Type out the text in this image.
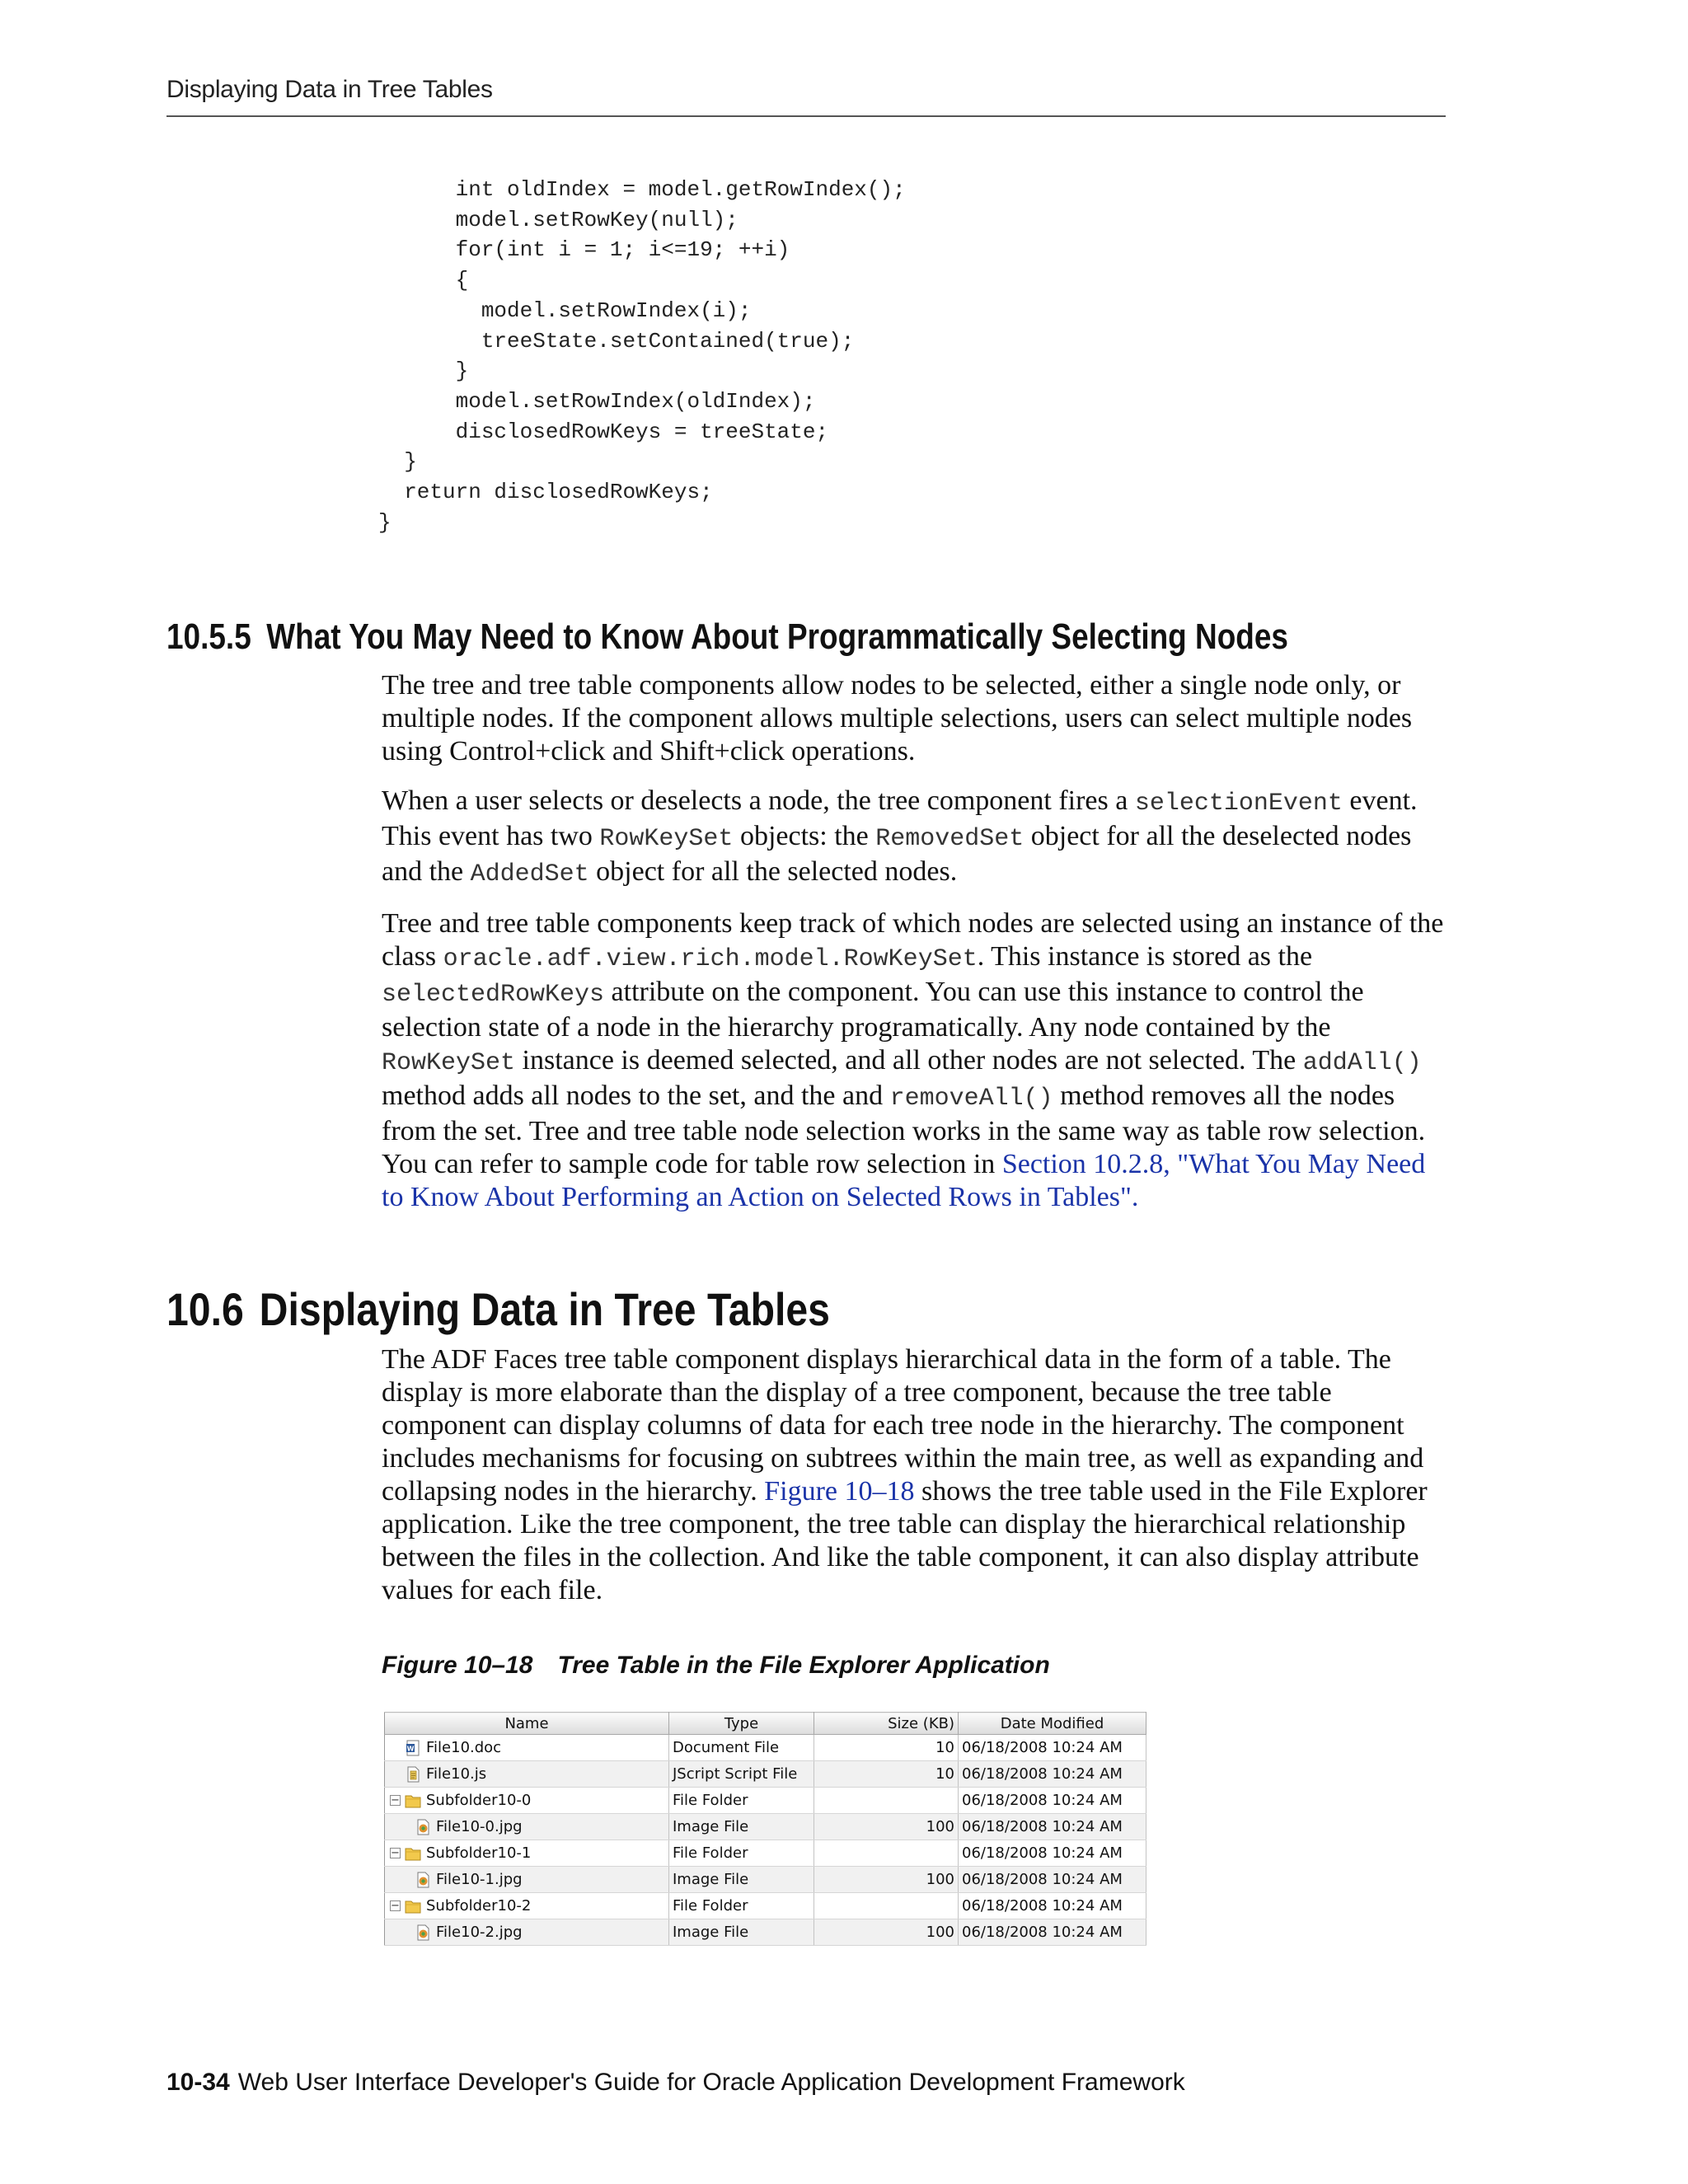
Displaying Data in Tree Tables
int oldIndex = model.getRowIndex();
model.setRowKey(null);
for(int i = 1; i<=19; ++i)
{
model.setRowIndex(i);
treeState.setContained(true);
}
model.setRowIndex(oldIndex);
disclosedRowKeys = treeState;
}
return disclosedRowKeys;
}
10.5.5 What You May Need to Know About Programmatically Selecting Nodes

The tree and tree table components allow nodes to be selected, either a single node only, or multiple nodes. If the component allows multiple selections, users can select multiple nodes using Control+click and Shift+click operations.

When a user selects or deselects a node, the tree component fires a selectionEvent event. This event has two RowKeySet objects: the RemovedSet object for all the deselected nodes and the AddedSet object for all the selected nodes.

Tree and tree table components keep track of which nodes are selected using an instance of the class oracle.adf.view.rich.model.RowKeySet. This instance is stored as the selectedRowKeys attribute on the component. You can use this instance to control the selection state of a node in the hierarchy programatically. Any node contained by the RowKeySet instance is deemed selected, and all other nodes are not selected. The addAll() method adds all nodes to the set, and the and removeAll() method removes all the nodes from the set. Tree and tree table node selection works in the same way as table row selection. You can refer to sample code for table row selection in Section 10.2.8, "What You May Need to Know About Performing an Action on Selected Rows in Tables".

10.6 Displaying Data in Tree Tables

The ADF Faces tree table component displays hierarchical data in the form of a table. The display is more elaborate than the display of a tree component, because the tree table component can display columns of data for each tree node in the hierarchy. The component includes mechanisms for focusing on subtrees within the main tree, as well as expanding and collapsing nodes in the hierarchy. Figure 10–18 shows the tree table used in the File Explorer application. Like the tree component, the tree table can display the hierarchical relationship between the files in the collection. And like the table component, it can also display attribute values for each file.

Figure 10–18 Tree Table in the File Explorer Application

Name	Type	Size (KB)	Date Modified

W File10.doc	Document File	10	06/18/2008 10:24 AM

File10.js	JScript Script File	10	06/18/2008 10:24 AM

− Subfolder10-0	File Folder		06/18/2008 10:24 AM

File10-0.jpg	Image File	100	06/18/2008 10:24 AM

− Subfolder10-1	File Folder		06/18/2008 10:24 AM

File10-1.jpg	Image File	100	06/18/2008 10:24 AM

− Subfolder10-2	File Folder		06/18/2008 10:24 AM

File10-2.jpg	Image File	100	06/18/2008 10:24 AM
10-34 Web User Interface Developer's Guide for Oracle Application Development Framework
